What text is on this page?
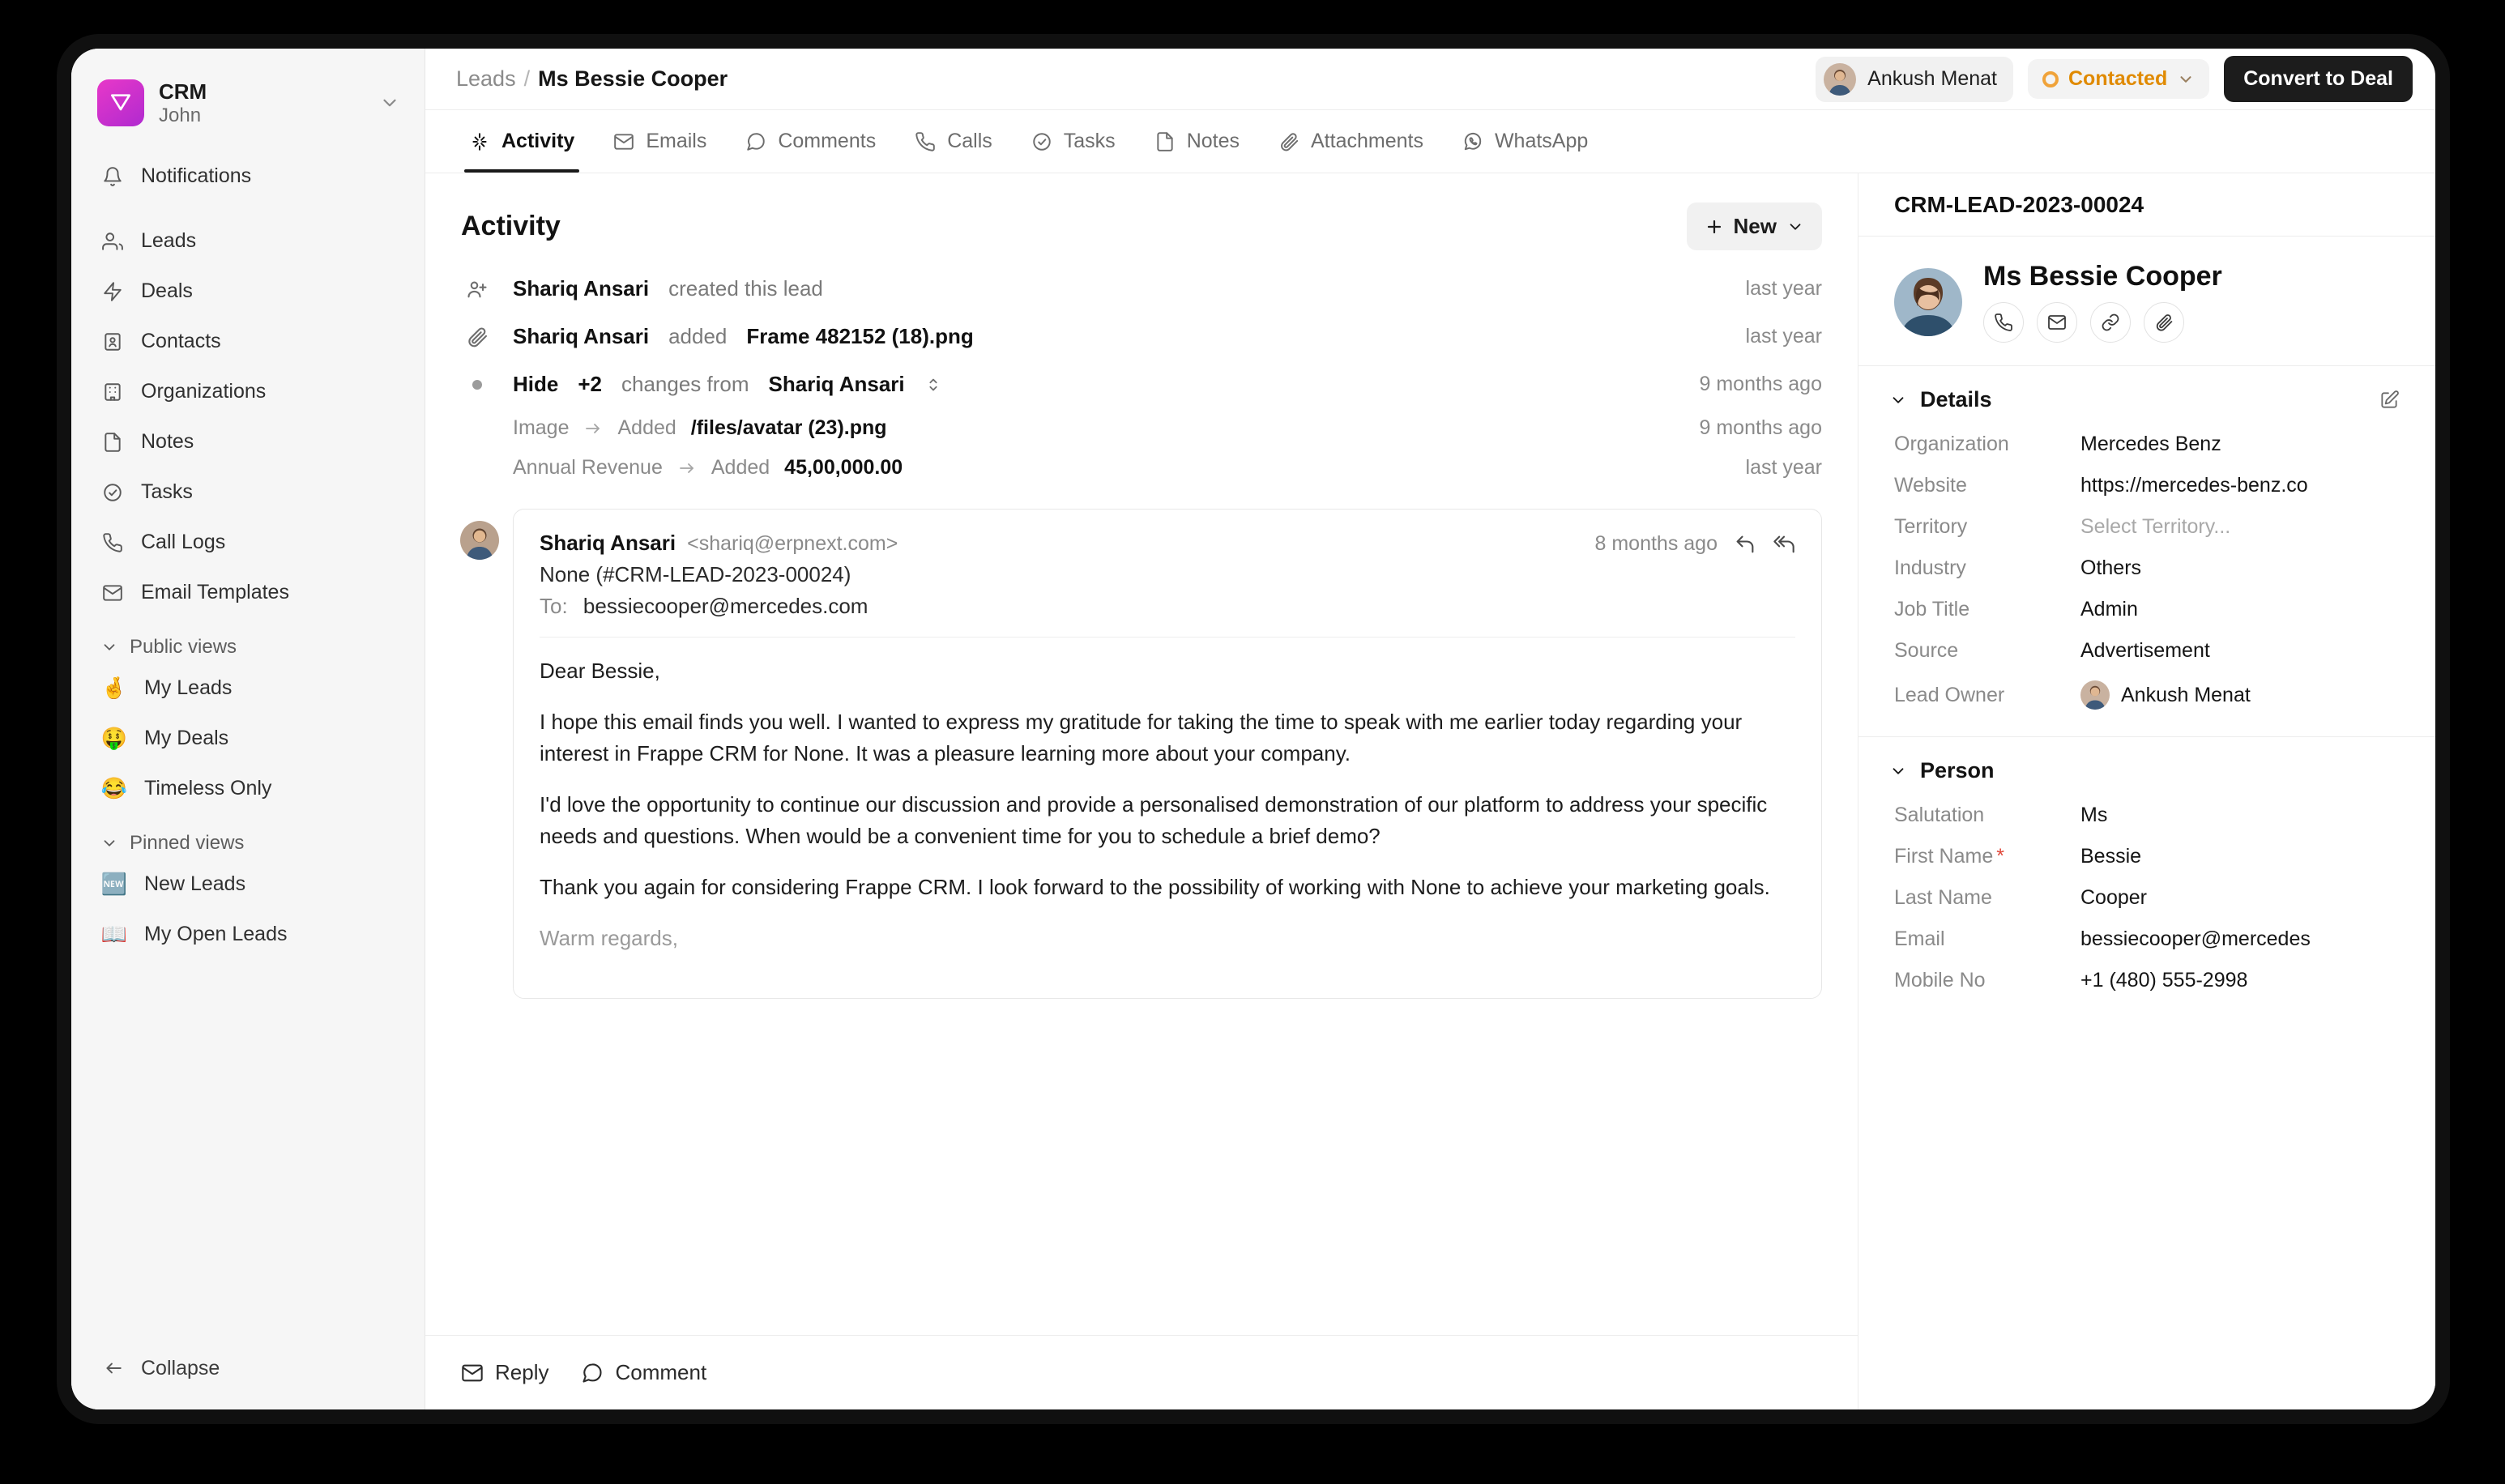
CRM
John
Notifications
Leads
Deals
Contacts
Organizations
Notes
Tasks
Call Logs
Email Templates
Public views
🤞 My Leads
🤑 My Deals
😂 Timeless Only
Pinned views
🆕 New Leads
📖 My Open Leads
Collapse
Leads / Ms Bessie Cooper	Ankush Menat	Contacted	Convert to Deal
Activity	Emails	Comments	Calls	Tasks	Notes	Attachments	WhatsApp
Activity	New
Shariq Ansari created this lead	last year
Shariq Ansari added Frame 482152 (18).png	last year
Hide +2 changes from Shariq Ansari	9 months ago
Image Added /files/avatar (23).png	9 months ago
Annual Revenue Added 45,00,000.00	last year
Shariq Ansari <shariq@erpnext.com>	8 months ago
None (#CRM-LEAD-2023-00024)
To: bessiecooper@mercedes.com

Dear Bessie,

I hope this email finds you well. I wanted to express my gratitude for taking the time to speak with me earlier today regarding your interest in Frappe CRM for None. It was a pleasure learning more about your company.

I'd love the opportunity to continue our discussion and provide a personalised demonstration of our platform to address your specific needs and questions. When would be a convenient time for you to schedule a brief demo?

Thank you again for considering Frappe CRM. I look forward to the possibility of working with None to achieve your marketing goals.

Warm regards,

Reply	Comment
CRM-LEAD-2023-00024
Ms Bessie Cooper
Details
Organization	Mercedes Benz
Website	https://mercedes-benz.co
Territory	Select Territory...
Industry	Others
Job Title	Admin
Source	Advertisement
Lead Owner	Ankush Menat
Person
Salutation	Ms
First Name *	Bessie
Last Name	Cooper
Email	bessiecooper@mercedes
Mobile No	+1 (480) 555-2998
